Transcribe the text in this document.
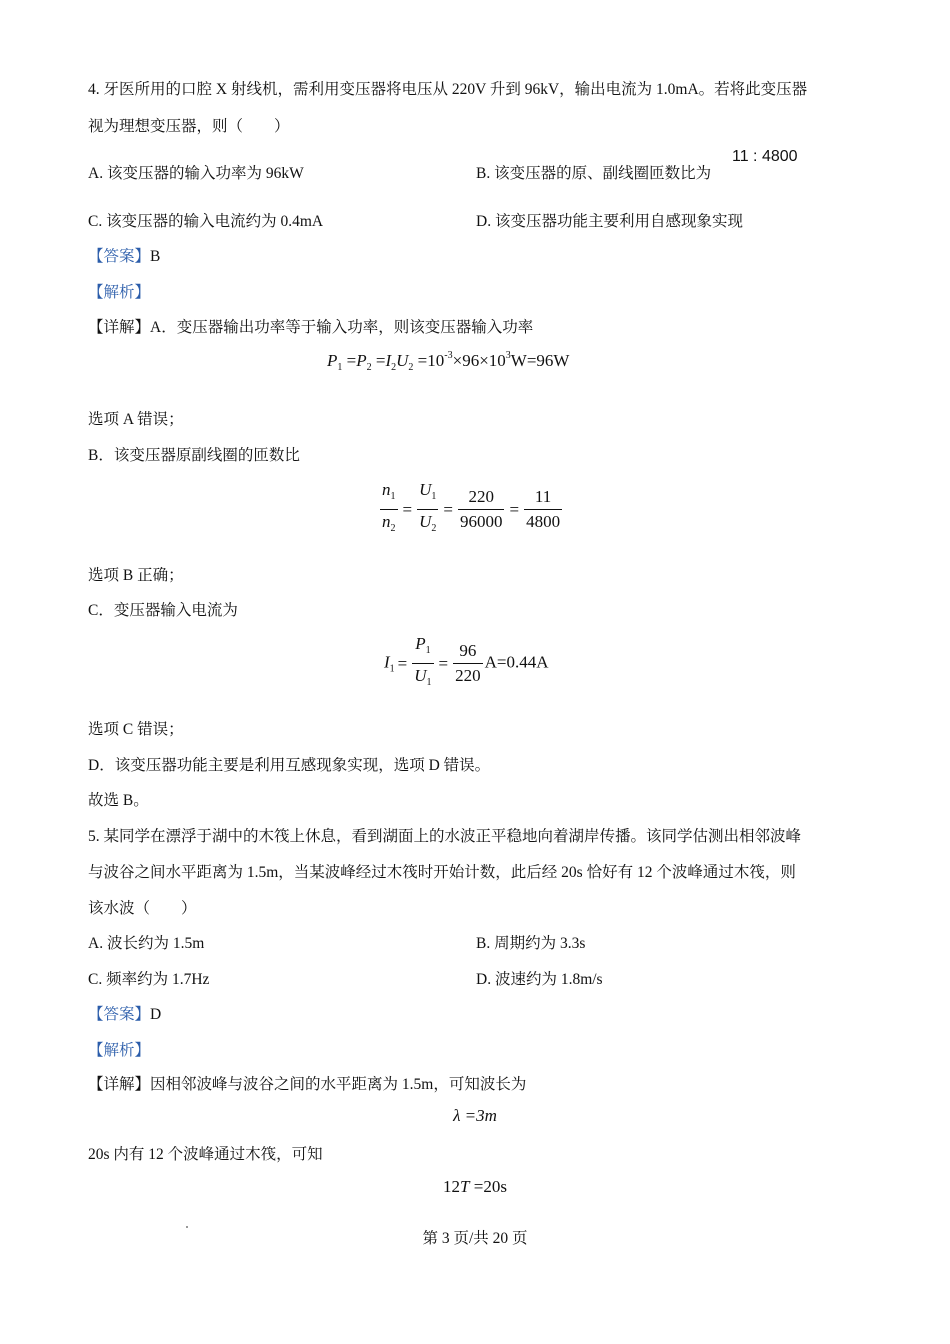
4. 牙医所用的口腔 X 射线机，需利用变压器将电压从 220V 升到 96kV，输出电流为 1.0mA。若将此变压器
视为理想变压器，则（　　）
A. 该变压器的输入功率为 96kW	B. 该变压器的原、副线圈匝数比为
11 : 4800
C. 该变压器的输入电流约为 0.4mA	D. 该变压器功能主要利用自感现象实现
【答案】B
【解析】
【详解】A．变压器输出功率等于输入功率，则该变压器输入功率
$P_1 =P_2 =I_2U_2 =10^{-3}\times 96\times 10^3W=96W$
选项 A 错误；
B．该变压器原副线圈的匝数比
$\frac{n_1}{n_2} = \frac{U_1}{U_2} = \frac{220}{96000} = \frac{11}{4800}$
选项 B 正确；
C．变压器输入电流为
$I_1 = \frac{P_1}{U_1} = \frac{96}{220} A=0.44A$
选项 C 错误；
D．该变压器功能主要是利用互感现象实现，选项 D 错误。
故选 B。
5. 某同学在漂浮于湖中的木筏上休息，看到湖面上的水波正平稳地向着湖岸传播。该同学估测出相邻波峰
与波谷之间水平距离为 1.5m，当某波峰经过木筏时开始计数，此后经 20s 恰好有 12 个波峰通过木筏，则
该水波（　　）
A. 波长约为 1.5m	B. 周期约为 3.3s
C. 频率约为 1.7Hz	D. 波速约为 1.8m/s
【答案】D
【解析】
【详解】因相邻波峰与波谷之间的水平距离为 1.5m，可知波长为
λ =3m
20s 内有 12 个波峰通过木筏，可知
12T =20s
第 3 页/共 20 页
